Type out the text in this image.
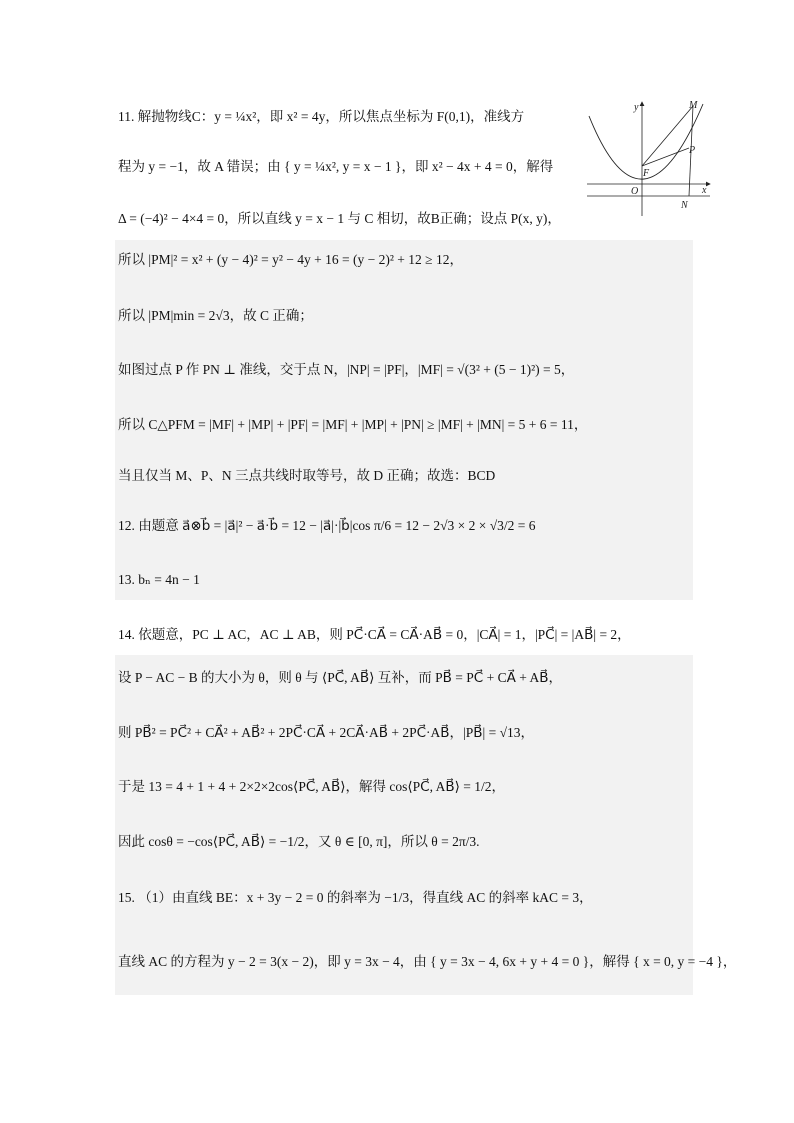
11. 解抛物线C：y = ¼x²，即 x² = 4y，所以焦点坐标为 F(0,1)，准线方
程为 y = −1，故 A 错误；由 { y = ¼x², y = x − 1 }，即 x² − 4x + 4 = 0，解得
Δ = (−4)² − 4×4 = 0，所以直线 y = x − 1 与 C 相切，故B正确；设点 P(x, y)，
所以 |PM|² = x² + (y − 4)² = y² − 4y + 16 = (y − 2)² + 12 ≥ 12，
所以 |PM|min = 2√3，故 C 正确；
如图过点 P 作 PN ⊥ 准线，交于点 N，|NP| = |PF|，|MF| = √(3² + (5 − 1)²) = 5，
所以 C△PFM = |MF| + |MP| + |PF| = |MF| + |MP| + |PN| ≥ |MF| + |MN| = 5 + 6 = 11，
当且仅当 M、P、N 三点共线时取等号，故 D 正确；故选：BCD
12. 由题意 a⃗⊗b⃗ = |a⃗|² − a⃗·b⃗ = 12 − |a⃗|·|b⃗|cos π/6 = 12 − 2√3 × 2 × √3/2 = 6
13. bₙ = 4n − 1
14. 依题意，PC ⊥ AC，AC ⊥ AB，则 PC⃗·CA⃗ = CA⃗·AB⃗ = 0，|CA⃗| = 1，|PC⃗| = |AB⃗| = 2，
设 P − AC − B 的大小为 θ，则 θ 与 ⟨PC⃗, AB⃗⟩ 互补，而 PB⃗ = PC⃗ + CA⃗ + AB⃗，
则 PB⃗² = PC⃗² + CA⃗² + AB⃗² + 2PC⃗·CA⃗ + 2CA⃗·AB⃗ + 2PC⃗·AB⃗，|PB⃗| = √13，
于是 13 = 4 + 1 + 4 + 2×2×2cos⟨PC⃗, AB⃗⟩，解得 cos⟨PC⃗, AB⃗⟩ = 1/2，
因此 cosθ = −cos⟨PC⃗, AB⃗⟩ = −1/2，又 θ ∈ [0, π]，所以 θ = 2π/3.
15. （1）由直线 BE：x + 3y − 2 = 0 的斜率为 −1/3，得直线 AC 的斜率 kAC = 3，
直线 AC 的方程为 y − 2 = 3(x − 2)，即 y = 3x − 4，由 { y = 3x − 4, 6x + y + 4 = 0 }，解得 { x = 0, y = −4 }，
y
x
O
F
P
M
N
